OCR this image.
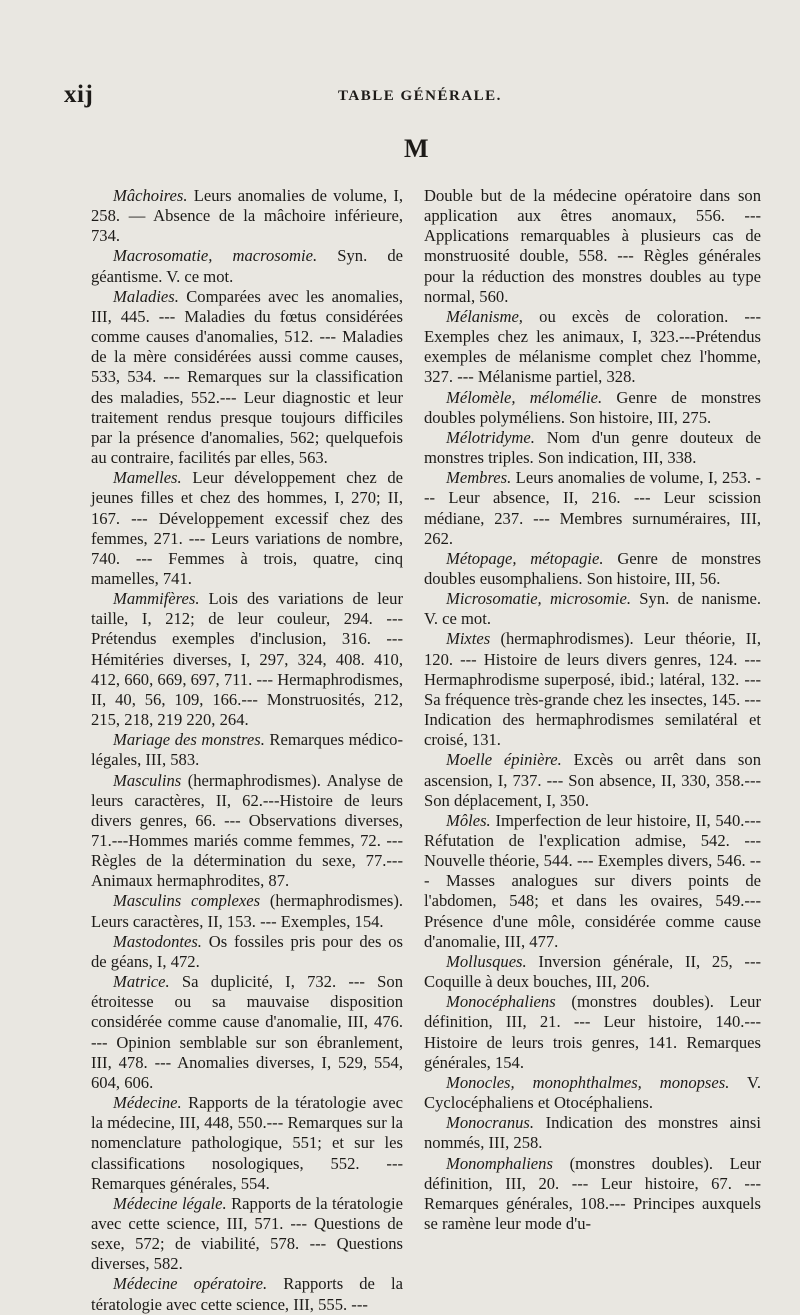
xij	TABLE GÉNÉRALE.
M

Mâchoires. Leurs anomalies de volume, I, 258. — Absence de la mâchoire inférieure, 734.

Macrosomatie, macrosomie. Syn. de géantisme. V. ce mot.

Maladies. Comparées avec les anomalies, III, 445. --- Maladies du fœtus considérées comme causes d'anomalies, 512. --- Maladies de la mère considérées aussi comme causes, 533, 534. --- Remarques sur la classification des maladies, 552.--- Leur diagnostic et leur traitement rendus presque toujours difficiles par la présence d'anomalies, 562; quelquefois au contraire, facilités par elles, 563.

Mamelles. Leur développement chez de jeunes filles et chez des hommes, I, 270; II, 167. --- Développement excessif chez des femmes, 271. --- Leurs variations de nombre, 740. --- Femmes à trois, quatre, cinq mamelles, 741.

Mammifères. Lois des variations de leur taille, I, 212; de leur couleur, 294. --- Prétendus exemples d'inclusion, 316. ---Hémitéries diverses, I, 297, 324, 408. 410, 412, 660, 669, 697, 711. --- Hermaphrodismes, II, 40, 56, 109, 166.--- Monstruosités, 212, 215, 218, 219 220, 264.

Mariage des monstres. Remarques médico-légales, III, 583.

Masculins (hermaphrodismes). Analyse de leurs caractères, II, 62.---Histoire de leurs divers genres, 66. --- Observations diverses, 71.---Hommes mariés comme femmes, 72. --- Règles de la détermination du sexe, 77.--- Animaux hermaphrodites, 87.

Masculins complexes (hermaphrodismes). Leurs caractères, II, 153. --- Exemples, 154.

Mastodontes. Os fossiles pris pour des os de géans, I, 472.

Matrice. Sa duplicité, I, 732. --- Son étroitesse ou sa mauvaise disposition considérée comme cause d'anomalie, III, 476. --- Opinion semblable sur son ébranlement, III, 478. --- Anomalies diverses, I, 529, 554, 604, 606.

Médecine. Rapports de la tératologie avec la médecine, III, 448, 550.--- Remarques sur la nomenclature pathologique, 551; et sur les classifications nosologiques, 552. ---Remarques générales, 554.

Médecine légale. Rapports de la tératologie avec cette science, III, 571. --- Questions de sexe, 572; de viabilité, 578. --- Questions diverses, 582.

Médecine opératoire. Rapports de la tératologie avec cette science, III, 555. ---

Double but de la médecine opératoire dans son application aux êtres anomaux, 556. --- Applications remarquables à plusieurs cas de monstruosité double, 558. --- Règles générales pour la réduction des monstres doubles au type normal, 560.

Mélanisme, ou excès de coloration. --- Exemples chez les animaux, I, 323.---Prétendus exemples de mélanisme complet chez l'homme, 327. --- Mélanisme partiel, 328.

Mélomèle, mélomélie. Genre de monstres doubles polyméliens. Son histoire, III, 275.

Mélotridyme. Nom d'un genre douteux de monstres triples. Son indication, III, 338.

Membres. Leurs anomalies de volume, I, 253. --- Leur absence, II, 216. --- Leur scission médiane, 237. --- Membres surnuméraires, III, 262.

Métopage, métopagie. Genre de monstres doubles eusomphaliens. Son histoire, III, 56.

Microsomatie, microsomie. Syn. de nanisme. V. ce mot.

Mixtes (hermaphrodismes). Leur théorie, II, 120. --- Histoire de leurs divers genres, 124. --- Hermaphrodisme superposé, ibid.; latéral, 132. --- Sa fréquence très-grande chez les insectes, 145. --- Indication des hermaphrodismes semilatéral et croisé, 131.

Moelle épinière. Excès ou arrêt dans son ascension, I, 737. --- Son absence, II, 330, 358.--- Son déplacement, I, 350.

Môles. Imperfection de leur histoire, II, 540.--- Réfutation de l'explication admise, 542. --- Nouvelle théorie, 544. --- Exemples divers, 546. --- Masses analogues sur divers points de l'abdomen, 548; et dans les ovaires, 549.--- Présence d'une môle, considérée comme cause d'anomalie, III, 477.

Mollusques. Inversion générale, II, 25, --- Coquille à deux bouches, III, 206.

Monocéphaliens (monstres doubles). Leur définition, III, 21. --- Leur histoire, 140.--- Histoire de leurs trois genres, 141. Remarques générales, 154.

Monocles, monophthalmes, monopses. V. Cyclocéphaliens et Otocéphaliens.

Monocranus. Indication des monstres ainsi nommés, III, 258.

Monomphaliens (monstres doubles). Leur définition, III, 20. --- Leur histoire, 67. --- Remarques générales, 108.--- Principes auxquels se ramène leur mode d'u-
